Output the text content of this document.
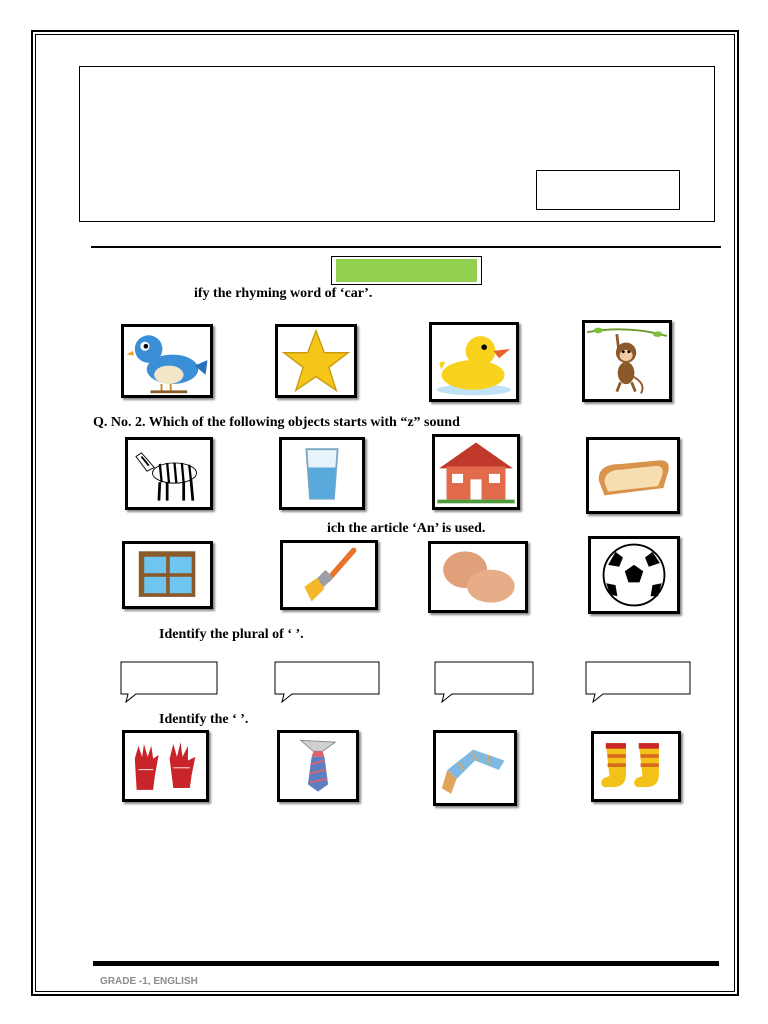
ify the rhyming word of ‘car’.
Q. No. 2. Which of the following objects starts with “z” sound
ich the article ‘An’ is used.
Identify the plural of ‘ ’.
Identify the ‘ ’.
GRADE -1, ENGLISH
